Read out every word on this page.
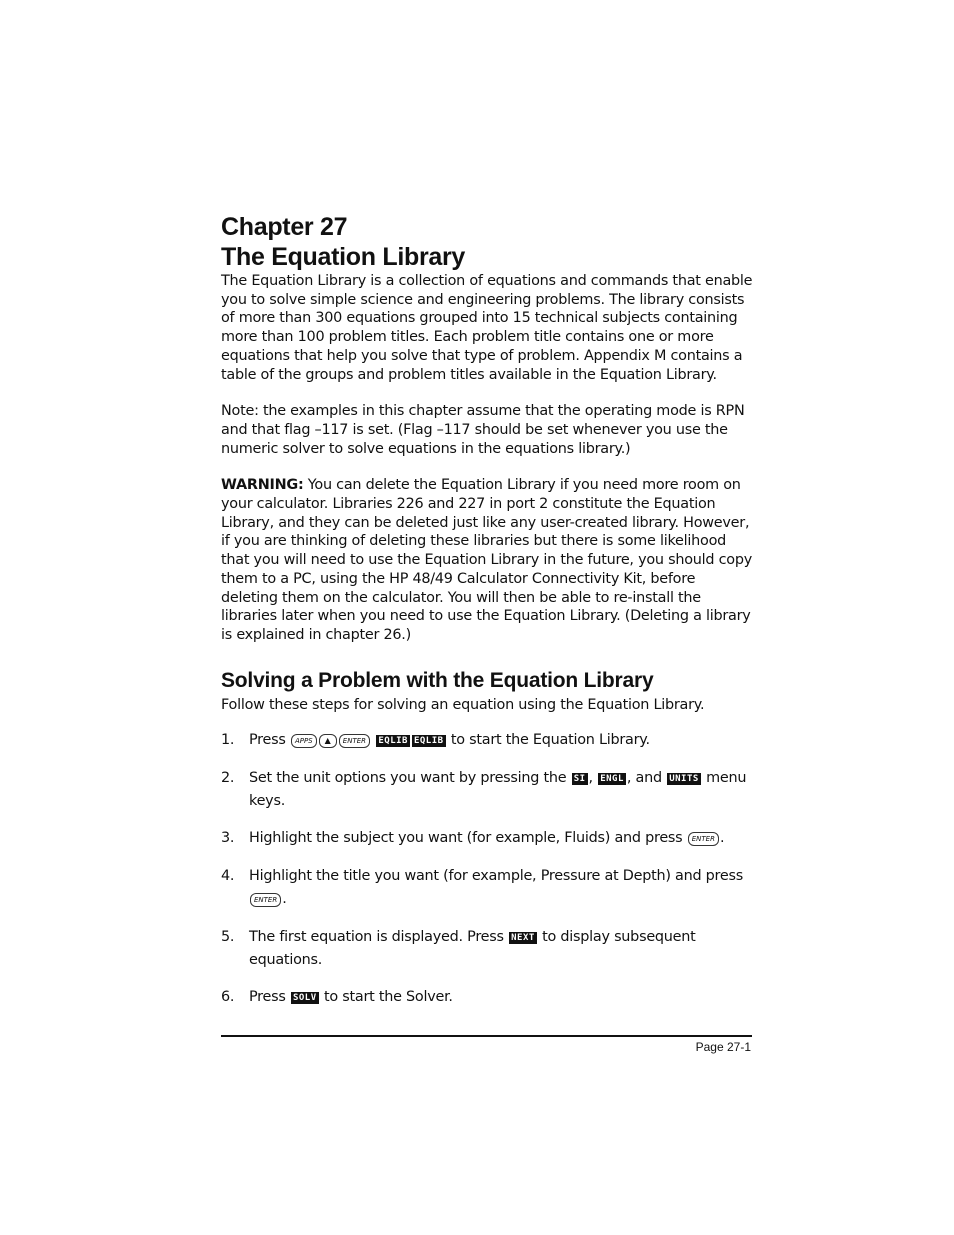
Chapter 27
The Equation Library

The Equation Library is a collection of equations and commands that enable you to solve simple science and engineering problems. The library consists of more than 300 equations grouped into 15 technical subjects containing more than 100 problem titles. Each problem title contains one or more equations that help you solve that type of problem. Appendix M contains a table of the groups and problem titles available in the Equation Library.

Note: the examples in this chapter assume that the operating mode is RPN and that flag –117 is set. (Flag –117 should be set whenever you use the numeric solver to solve equations in the equations library.)

WARNING: You can delete the Equation Library if you need more room on your calculator. Libraries 226 and 227 in port 2 constitute the Equation Library, and they can be deleted just like any user-created library. However, if you are thinking of deleting these libraries but there is some likelihood that you will need to use the Equation Library in the future, you should copy them to a PC, using the HP 48/49 Calculator Connectivity Kit, before deleting them on the calculator. You will then be able to re-install the libraries later when you need to use the Equation Library. (Deleting a library is explained in chapter 26.)

Solving a Problem with the Equation Library

Follow these steps for solving an equation using the Equation Library.

1. Press APPS ▲ ENTER EQLIB EQLIB to start the Equation Library.
2. Set the unit options you want by pressing the SI , ENGL , and UNITS menu keys.
3. Highlight the subject you want (for example, Fluids) and press ENTER .
4. Highlight the title you want (for example, Pressure at Depth) and press ENTER .
5. The first equation is displayed. Press NEXT to display subsequent equations.
6. Press SOLV to start the Solver.
Page 27-1
